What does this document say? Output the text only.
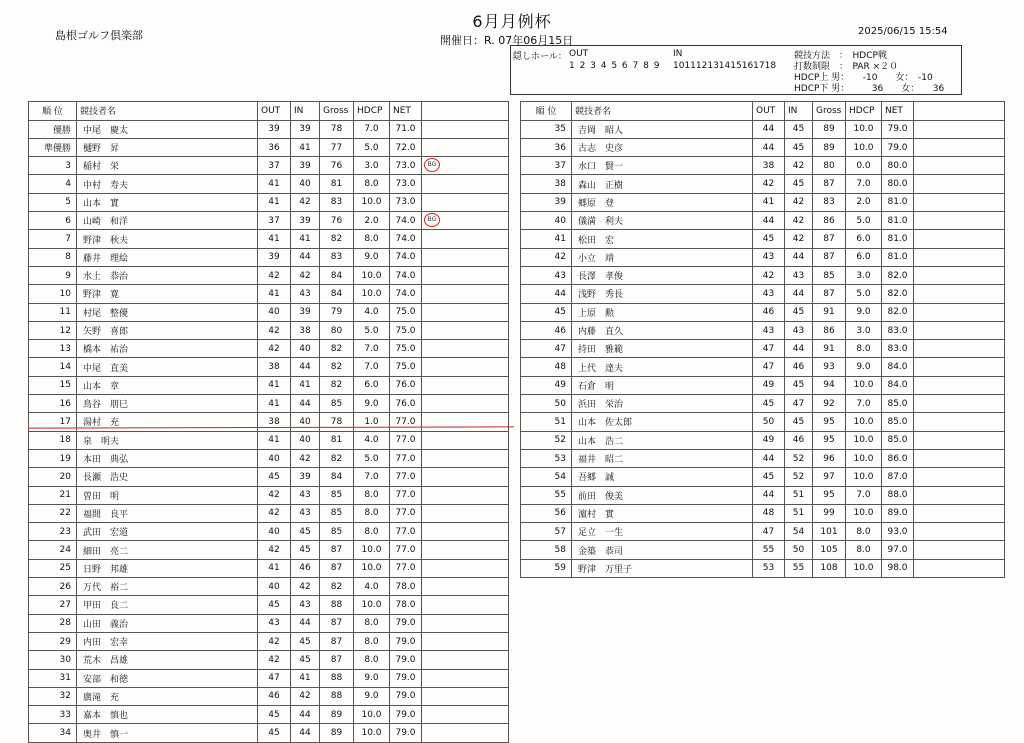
島根ゴルフ倶楽部
6月月例杯
開催日：R. 07年06月15日
2025/06/15 15:54
隠しホール： OUT
1 2 3 4 5 6 7 8 9
IN
101112131415161718
競技方法　：　HDCP戦
打数制限　：　PAR ×２０
HDCP上 男：　　-10　　女：　-10
HDCP下 男：　　　36　　女：　　36
順 位	競技者名	OUT	IN	Gross	HDCP	NET	
優勝	中尾　慶太	39	39	78	7.0	71.0	
準優勝	樋野　昇	36	41	77	5.0	72.0	
3	稲村　栄	37	39	76	3.0	73.0	BG

4	中村　寿夫	41	40	81	8.0	73.0	
5	山本　實	41	42	83	10.0	73.0	
6	山崎　和洋	37	39	76	2.0	74.0	BG

7	野津　秋夫	41	41	82	8.0	74.0	
8	藤井　理絵	39	44	83	9.0	74.0	
9	水上　恭治	42	42	84	10.0	74.0	
10	野津　寛	41	43	84	10.0	74.0	
11	村尾　整優	40	39	79	4.0	75.0	
12	矢野　喜郎	42	38	80	5.0	75.0	
13	橋本　祐治	42	40	82	7.0	75.0	
14	中尾　直美	38	44	82	7.0	75.0	
15	山本　章	41	41	82	6.0	76.0	
16	鳥谷　朋巳	41	44	85	9.0	76.0	
17	湯村　充	38	40	78	1.0	77.0	
18	泉　明夫	41	40	81	4.0	77.0	
19	本田　典弘	40	42	82	5.0	77.0	
20	長瀬　浩史	45	39	84	7.0	77.0	
21	曽田　明	42	43	85	8.0	77.0	
22	福間　良平	42	43	85	8.0	77.0	
23	武田　宏道	40	45	85	8.0	77.0	
24	細田　亮二	42	45	87	10.0	77.0	
25	日野　邦雄	41	46	87	10.0	77.0	
26	万代　裕二	40	42	82	4.0	78.0	
27	甲田　良二	45	43	88	10.0	78.0	
28	山田　義治	43	44	87	8.0	79.0	
29	内田　宏幸	42	45	87	8.0	79.0	
30	荒木　昌雄	42	45	87	8.0	79.0	
31	安部　和徳	47	41	88	9.0	79.0	
32	廣滝　充	46	42	88	9.0	79.0	
33	嘉本　慎也	45	44	89	10.0	79.0	
34	奥井　慎一	45	44	89	10.0	79.0	
順 位	競技者名	OUT	IN	Gross	HDCP	NET	
35	吉岡　昭人	44	45	89	10.0	79.0	
36	古志　史彦	44	45	89	10.0	79.0	
37	水口　賢一	38	42	80	0.0	80.0	
38	森山　正樹	42	45	87	7.0	80.0	
39	郷原　登	41	42	83	2.0	81.0	
40	儀満　利夫	44	42	86	5.0	81.0	
41	松田　宏	45	42	87	6.0	81.0	
42	小立　靖	43	44	87	6.0	81.0	
43	長澤　孝俊	42	43	85	3.0	82.0	
44	浅野　秀長	43	44	87	5.0	82.0	
45	上原　勲	46	45	91	9.0	82.0	
46	内藤　直久	43	43	86	3.0	83.0	
47	持田　雅範	47	44	91	8.0	83.0	
48	上代　達夫	47	46	93	9.0	84.0	
49	石倉　明	49	45	94	10.0	84.0	
50	浜田　栄治	45	47	92	7.0	85.0	
51	山本　佐太郎	50	45	95	10.0	85.0	
52	山本　浩二	49	46	95	10.0	85.0	
53	福井　昭二	44	52	96	10.0	86.0	
54	吾郷　誠	45	52	97	10.0	87.0	
55	前田　俊美	44	51	95	7.0	88.0	
56	濵村　實	48	51	99	10.0	89.0	
57	足立　一生	47	54	101	8.0	93.0	
58	金築　恭司	55	50	105	8.0	97.0	
59	野津　万里子	53	55	108	10.0	98.0	
